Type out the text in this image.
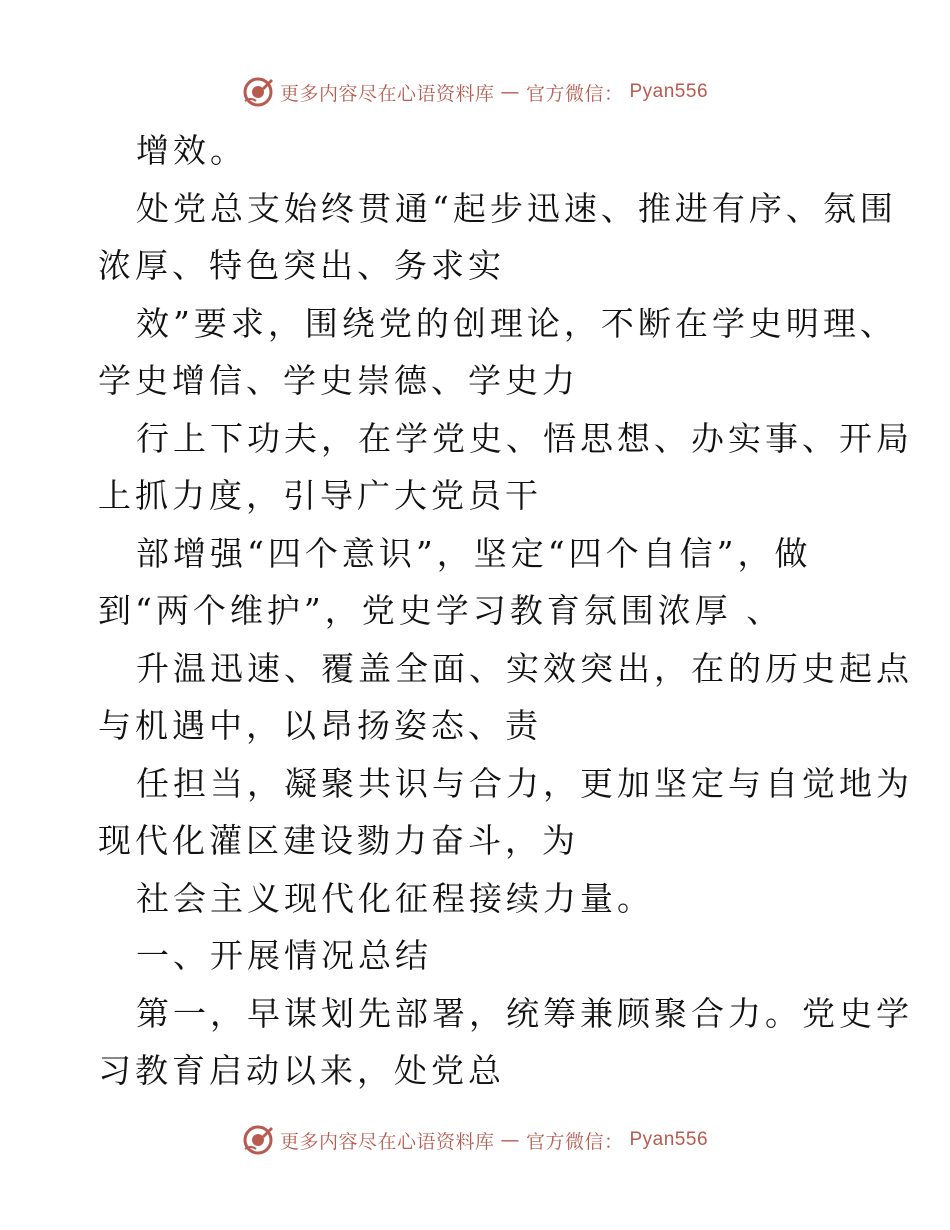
更多内容尽在心语资料库 — 官方微信： Pyan556
增效。
处党总支始终贯通“起步迅速、推进有序、氛围
浓厚、特色突出、务求实
效”要求，围绕党的创理论，不断在学史明理、
学史增信、学史崇德、学史力
行上下功夫，在学党史、悟思想、办实事、开局
上抓力度，引导广大党员干
部增强“四个意识”，坚定“四个自信”，做
到“两个维护”，党史学习教育氛围浓厚 、
升温迅速、覆盖全面、实效突出，在的历史起点
与机遇中，以昂扬姿态、责
任担当，凝聚共识与合力，更加坚定与自觉地为
现代化灌区建设勠力奋斗，为
社会主义现代化征程接续力量。
一、开展情况总结
第一，早谋划先部署，统筹兼顾聚合力。党史学
习教育启动以来，处党总
更多内容尽在心语资料库 — 官方微信： Pyan556
